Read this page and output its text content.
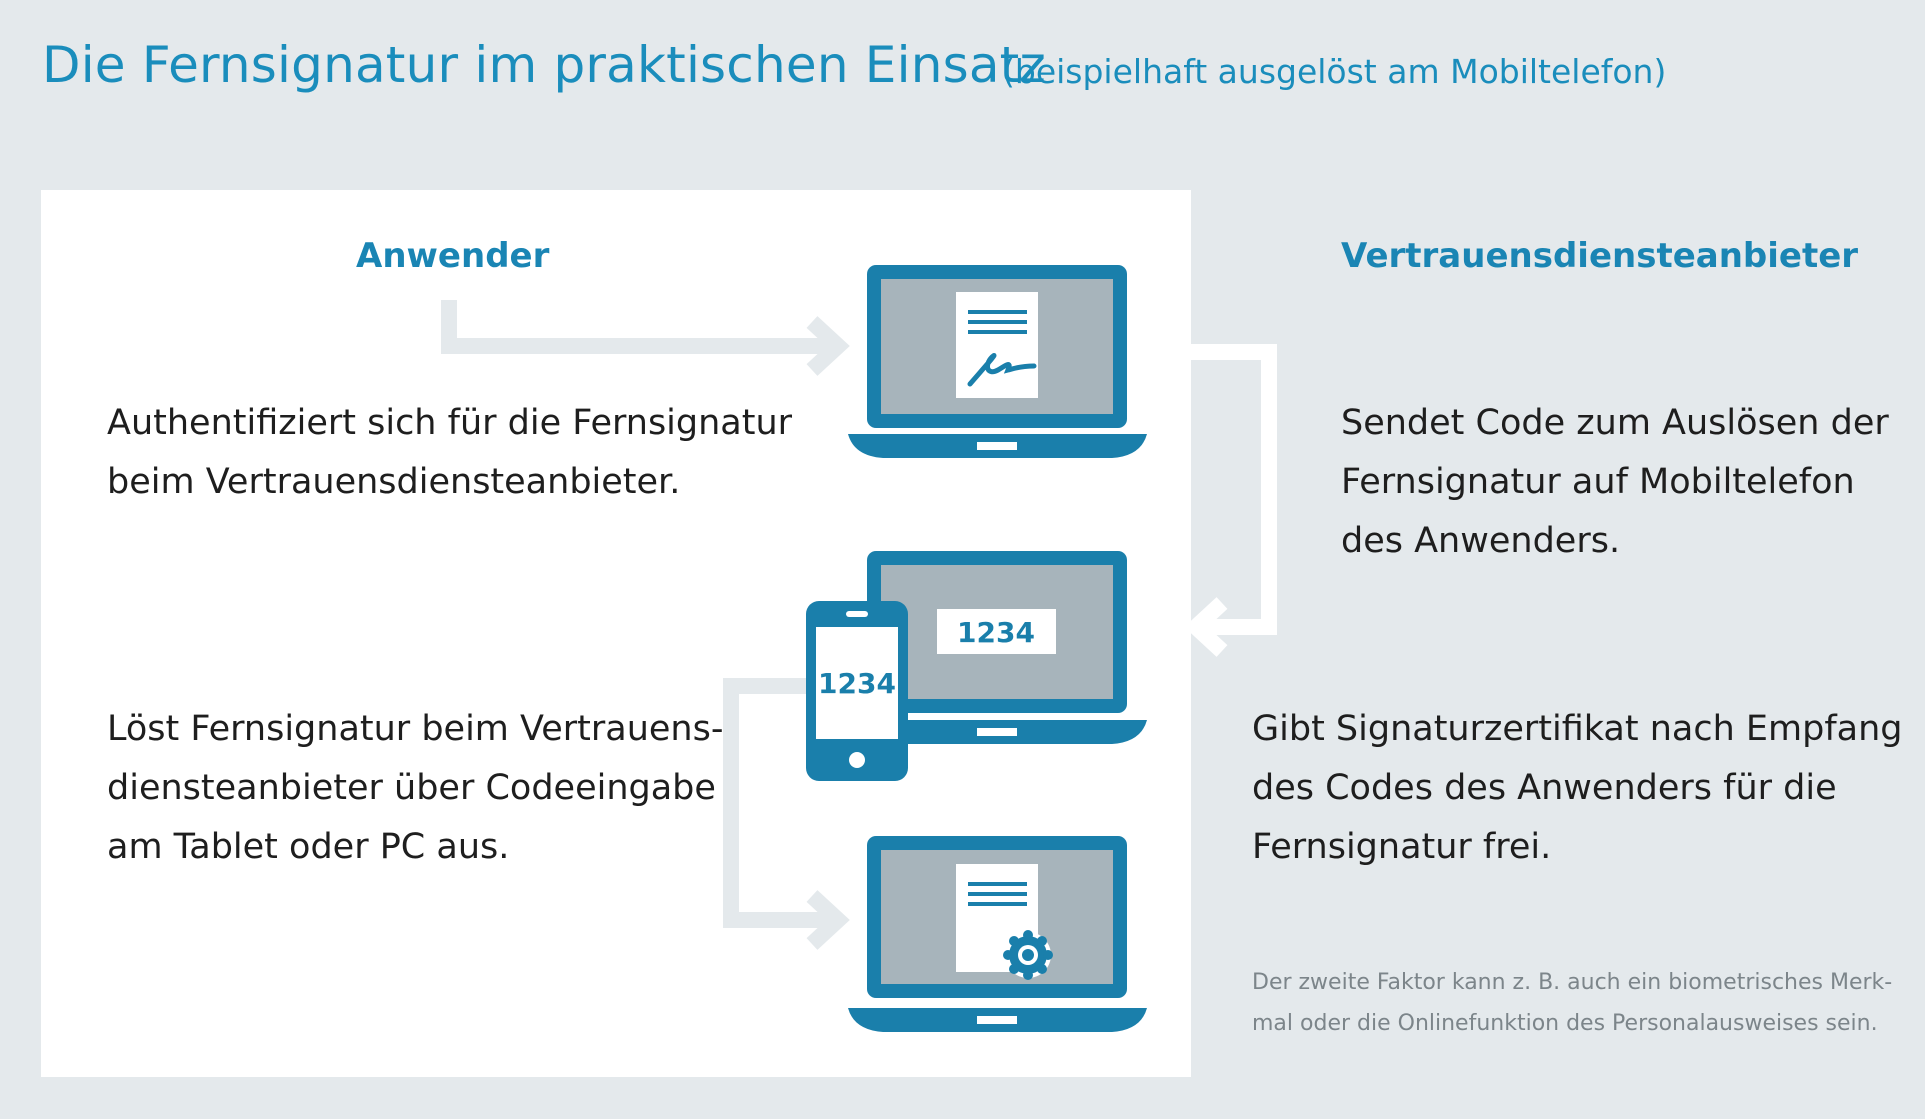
Die Fernsignatur im praktischen Einsatz
(beispielhaft ausgelöst am Mobiltelefon)
1234
1234
Anwender	Vertrauensdiensteanbieter
Authentifiziert sich für die Fernsignatur
beim Vertrauensdiensteanbieter.
Sendet Code zum Auslösen der
Fernsignatur auf Mobiltelefon
des Anwenders.
Löst Fernsignatur beim Vertrauens-
diensteanbieter über Codeeingabe
am Tablet oder PC aus.
Gibt Signaturzertifikat nach Empfang
des Codes des Anwenders für die
Fernsignatur frei.
Der zweite Faktor kann z. B. auch ein biometrisches Merk-
mal oder die Onlinefunktion des Personalausweises sein.
